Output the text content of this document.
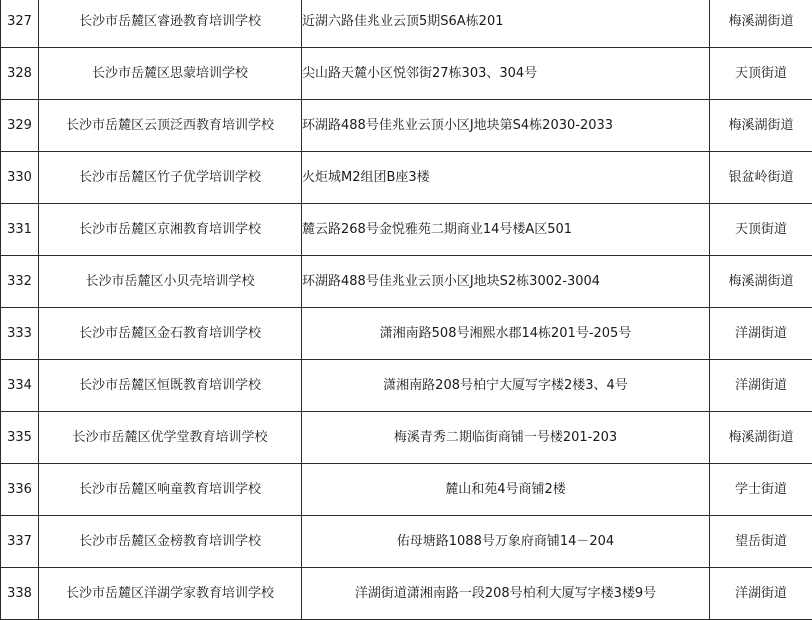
327	长沙市岳麓区睿逊教育培训学校	近湖六路佳兆业云顶5期S6A栋201	梅溪湖街道
328	长沙市岳麓区思蒙培训学校	尖山路天麓小区悦邻街27栋303、304号	天顶街道
329	长沙市岳麓区云顶泛西教育培训学校	环湖路488号佳兆业云顶小区J地块第S4栋2030-2033	梅溪湖街道
330	长沙市岳麓区竹子优学培训学校	火炬城M2组团B座3楼	银盆岭街道
331	长沙市岳麓区京湘教育培训学校	麓云路268号金悦雅苑二期商业14号楼A区501	天顶街道
332	长沙市岳麓区小贝壳培训学校	环湖路488号佳兆业云顶小区J地块S2栋3002-3004	梅溪湖街道
333	长沙市岳麓区金石教育培训学校	潇湘南路508号湘熙水郡14栋201号-205号	洋湖街道
334	长沙市岳麓区恒既教育培训学校	潇湘南路208号柏宁大厦写字楼2楼3、4号	洋湖街道
335	长沙市岳麓区优学堂教育培训学校	梅溪青秀二期临街商铺一号楼201-203	梅溪湖街道
336	长沙市岳麓区响童教育培训学校	麓山和苑4号商铺2楼	学士街道
337	长沙市岳麓区金榜教育培训学校	佑母塘路1088号万象府商铺14－204	望岳街道
338	长沙市岳麓区洋湖学家教育培训学校	洋湖街道潇湘南路一段208号柏利大厦写字楼3楼9号	洋湖街道
